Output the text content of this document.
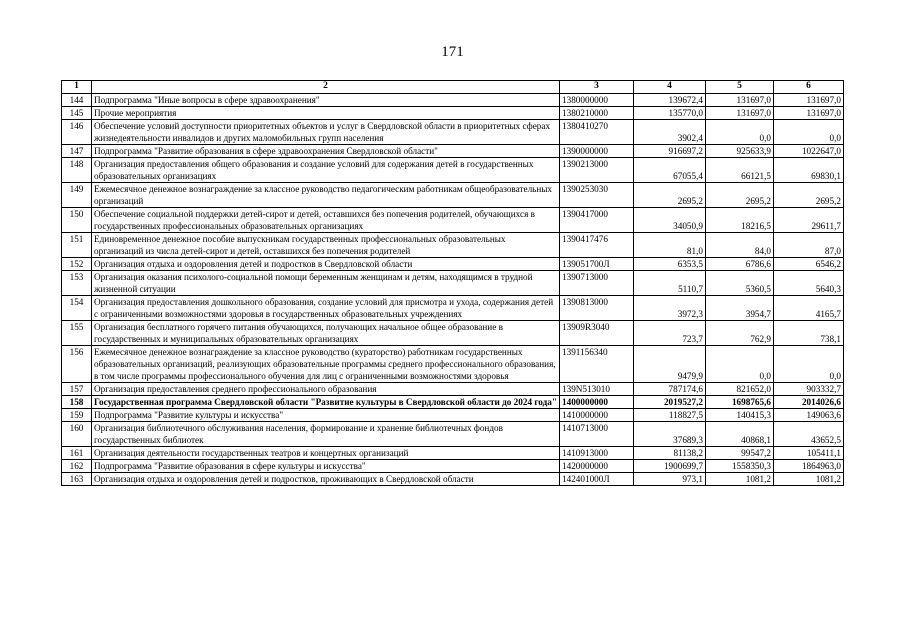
171
1	2	3	4	5	6
144	Подпрограмма "Иные вопросы в сфере здравоохранения"	1380000000	139672,4	131697,0	131697,0
145	Прочие мероприятия	1380210000	135770,0	131697,0	131697,0
146	Обеспечение условий доступности приоритетных объектов и услуг в Свердловской области в приоритетных сферах жизнедеятельности инвалидов и других маломобильных групп населения	1380410270	3902,4	0,0	0,0
147	Подпрограмма "Развитие образования в сфере здравоохранения Свердловской области"	1390000000	916697,2	925633,9	1022647,0
148	Организация предоставления общего образования и создание условий для содержания детей в государственных образовательных организациях	1390213000	67055,4	66121,5	69830,1
149	Ежемесячное денежное вознаграждение за классное руководство педагогическим работникам общеобразовательных организаций	1390253030	2695,2	2695,2	2695,2
150	Обеспечение социальной поддержки детей-сирот и детей, оставшихся без попечения родителей, обучающихся в государственных профессиональных образовательных организациях	1390417000	34050,9	18216,5	29611,7
151	Единовременное денежное пособие выпускникам государственных профессиональных образовательных организаций из числа детей-сирот и детей, оставшихся без попечения родителей	1390417476	81,0	84,0	87,0
152	Организация отдыха и оздоровления детей и подростков в Свердловской области	139051700Л	6353,5	6786,6	6546,2
153	Организация оказания психолого-социальной помощи беременным женщинам и детям, находящимся в трудной жизненной ситуации	1390713000	5110,7	5360,5	5640,3
154	Организация предоставления дошкольного образования, создание условий для присмотра и ухода, содержания детей с ограниченными возможностями здоровья в государственных образовательных учреждениях	1390813000	3972,3	3954,7	4165,7
155	Организация бесплатного горячего питания обучающихся, получающих начальное общее образование в государственных и муниципальных образовательных организациях	13909R3040	723,7	762,9	738,1
156	Ежемесячное денежное вознаграждение за классное руководство (кураторство) работникам государственных образовательных организаций, реализующих образовательные программы среднего профессионального образования, в том числе программы профессионального обучения для лиц с ограниченными возможностями здоровья	1391156340	9479,9	0,0	0,0
157	Организация предоставления среднего профессионального образования	139N513010	787174,6	821652,0	903332,7
158	Государственная программа Свердловской области "Развитие культуры в Свердловской области до 2024 года"	1400000000	2019527,2	1698765,6	2014026,6
159	Подпрограмма "Развитие культуры и искусства"	1410000000	118827,5	140415,3	149063,6
160	Организация библиотечного обслуживания населения, формирование и хранение библиотечных фондов государственных библиотек	1410713000	37689,3	40868,1	43652,5
161	Организация деятельности государственных театров и концертных организаций	1410913000	81138,2	99547,2	105411,1
162	Подпрограмма "Развитие образования в сфере культуры и искусства"	1420000000	1900699,7	1558350,3	1864963,0
163	Организация отдыха и оздоровления детей и подростков, проживающих в Свердловской области	142401000Л	973,1	1081,2	1081,2
